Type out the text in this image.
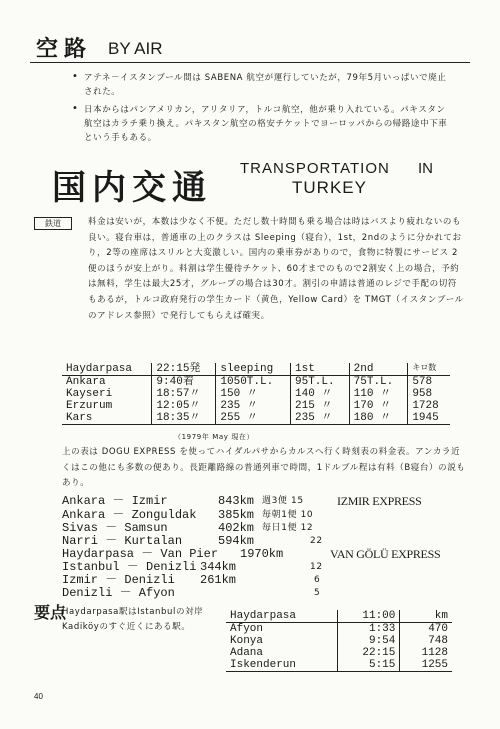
空路 BY AIR
• アテネ－イスタンブール間は SABENA 航空が運行していたが，79年5月いっぱいで廃止された。
• 日本からはパンアメリカン，アリタリア，トルコ航空，他が乗り入れている。パキスタン航空はカラチ乗り換え。パキスタン航空の格安チケットでヨーロッパからの帰路途中下車という手もある。
国内交通 TRANSPORTATION IN
TURKEY
鉄道	料金は安いが，本数は少なく不便。ただし数十時間も乗る場合は時はバスより疲れないのも良い。寝台車は，普通車の上のクラスは Sleeping（寝台），1st，2ndのように分かれており，2等の座席はスリルと大変激しい。国内の乗車券がありので，食物に特製にサービス 2 便のほうが安上がり。料割は学生優待チケット、60才までのもので2割安く上の場合，予約は無料，学生は最大25才，グループの場合は30才。割引の申請は普通のレジで手配の切符もあるが，トルコ政府発行の学生カード（黄色，Yellow Card）を TMGT（イスタンブールのアドレス参照）で発行してもらえば確実。
Haydarpasa	22:15発	sleeping	1st	2nd	キロ数
Ankara	9:40着	1050T.L.	95T.L.	75T.L.	578
Kayseri	18:57〃	150 〃	140 〃	110 〃	958
Erzurum	12:05〃	235 〃	215 〃	170 〃	1728
Kars	18:35〃	255 〃	235 〃	180 〃	1945
（1979年 May 現在）
上の表は DOGU EXPRESS を使ってハイダルパサからカルスへ行く時刻表の料金表。アンカラ近くはこの他にも多数の便あり。長距離路線の普通列車で時間，1ドルブル程は有料（B寝台）の説もあり。
Ankara － Izmir	843km 週3便 15	IZMIR EXPRESS
Ankara － Zonguldak 385km 毎朝1便 10
Sivas － Samsun	402km 毎日1便 12
Narri － Kurtalan	594km	22
Haydarpasa － Van Pier 1970km	VAN GÖLÜ EXPRESS
Istanbul － Denizli 344km	12
Izmir － Denizli 261km	6
Denizli － Afyon	5
要点
Haydarpasa駅はIstanbulの対岸 Kadiköyのすぐ近くにある駅。
Haydarpasa	11:00	km
Afyon	1:33	470
Konya	9:54	748
Adana	22:15	1128
Iskenderun	5:15	1255
40
